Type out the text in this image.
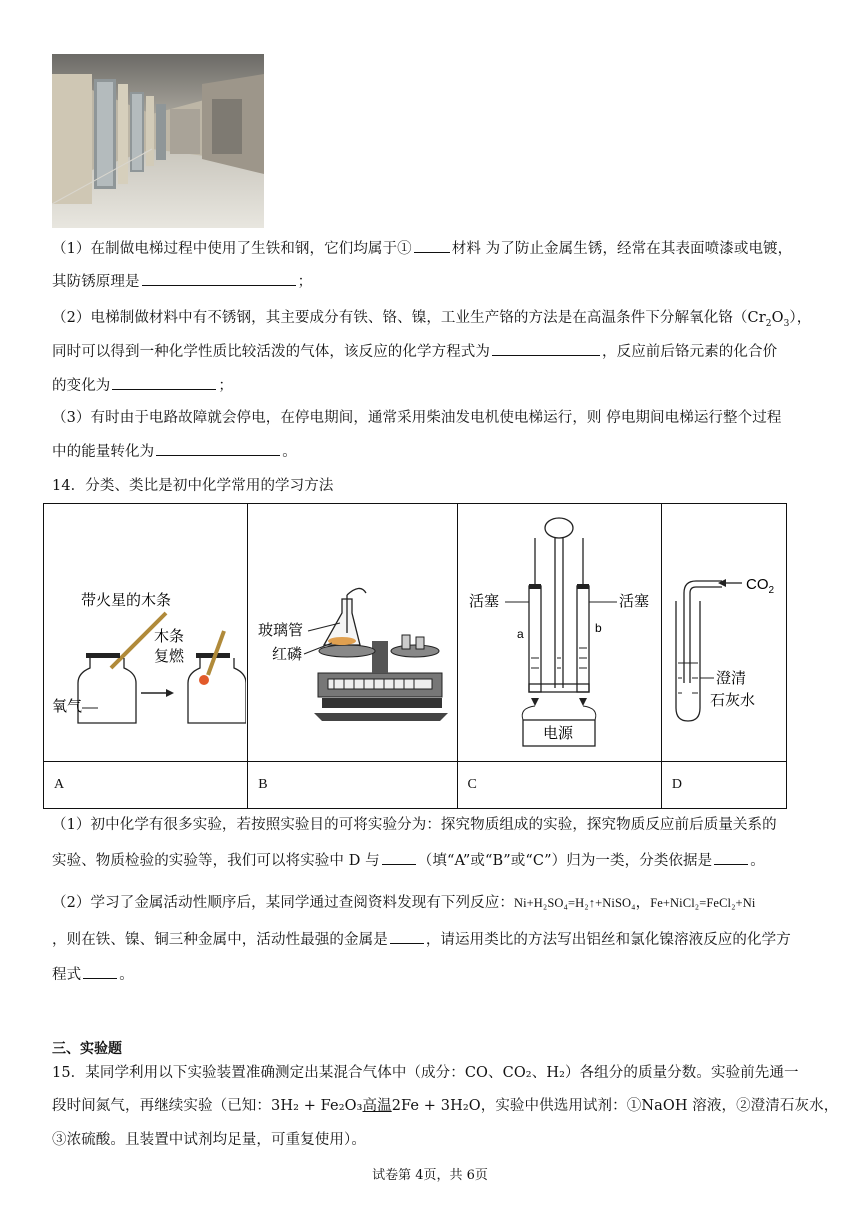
（1）在制做电梯过程中使用了生铁和钢，它们均属于①	材料 为了防止金属生锈，经常在其表面喷漆或电镀，
其防锈原理是	；
（2）电梯制做材料中有不锈钢，其主要成分有铁、铬、镍，工业生产铬的方法是在高温条件下分解氧化铬$(Cr_2O_3)$，
同时可以得到一种化学性质比较活泼的气体，该反应的化学方程式为	，反应前后铬元素的化合价
的变化为	；
（3）有时由于电路故障就会停电，在停电期间，通常采用柴油发电机使电梯运行，则 停电期间电梯运行整个过程
中的能量转化为	。
14．分类、类比是初中化学常用的学习方法
带火星的木条
氧气
木条
复燃	玻璃管
红磷	电源
活塞 活塞
a b	$CO_2$
澄清
石灰水

A	B	C	D
（1）初中化学有很多实验，若按照实验目的可将实验分为：探究物质组成的实验，探究物质反应前后质量关系的
实验、物质检验的实验等，我们可以将实验中 D 与	（填“A”或“B”或“C”）归为一类，分类依据是	。
（2）学习了金属活动性顺序后，某同学通过查阅资料发现有下列反应：Ni+H₂SO₄=H₂↑+NiSO₄，Fe+NiCl₂=FeCl₂+Ni
，则在铁、镍、铜三种金属中，活动性最强的金属是	，请运用类比的方法写出铝丝和氯化镍溶液反应的化学方
程式	。
三、实验题
15．某同学利用以下实验装置准确测定出某混合气体中（成分：CO、CO₂、H₂）各组分的质量分数。实验前先通一
段时间氮气，再继续实验（已知：3H₂ + Fe₂O₃高温2Fe + 3H₂O，实验中供选用试剂：①NaOH 溶液，②澄清石灰水，
③浓硫酸。且装置中试剂均足量，可重复使用）。
试卷第 4页，共 6页
